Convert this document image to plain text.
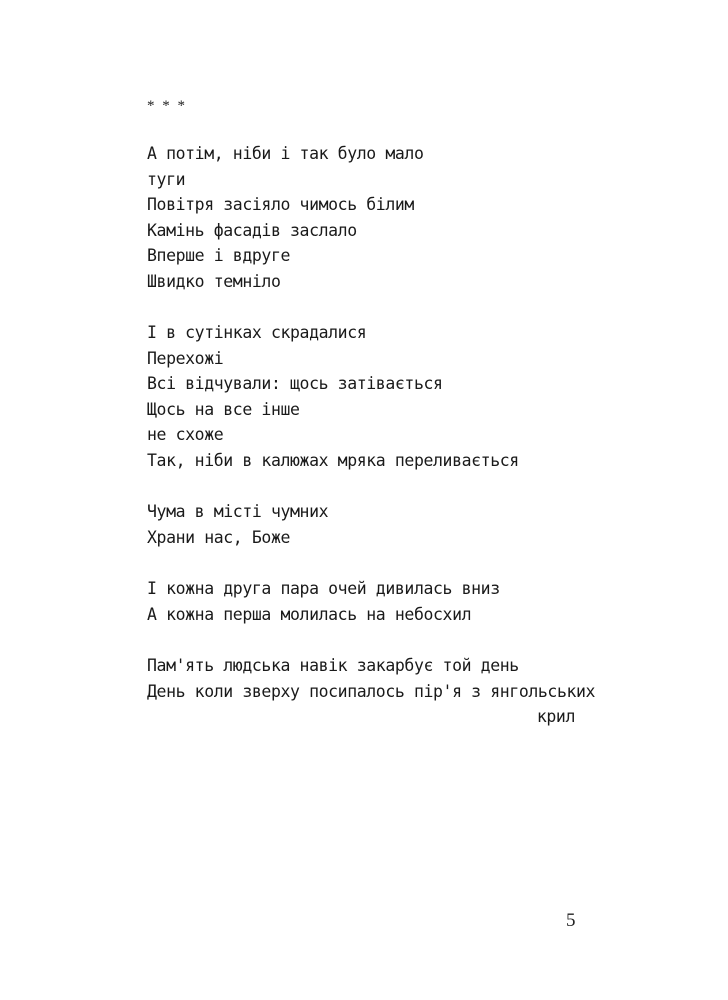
* * *
А потім, ніби і так було мало
туги
Повітря засіяло чимось білим
Камінь фасадів заслало
Вперше і вдруге
Швидко темніло
І в сутінках скрадалися
Перехожі
Всі відчували: щось затівається
Щось на все інше
не схоже
Так, ніби в калюжах мряка переливається
Чума в місті чумних
Храни нас, Боже
І кожна друга пара очей дивилась вниз
А кожна перша молилась на небосхил
Пам'ять людська навік закарбує той день
День коли зверху посипалось пір'я з янгольських
крил
5
